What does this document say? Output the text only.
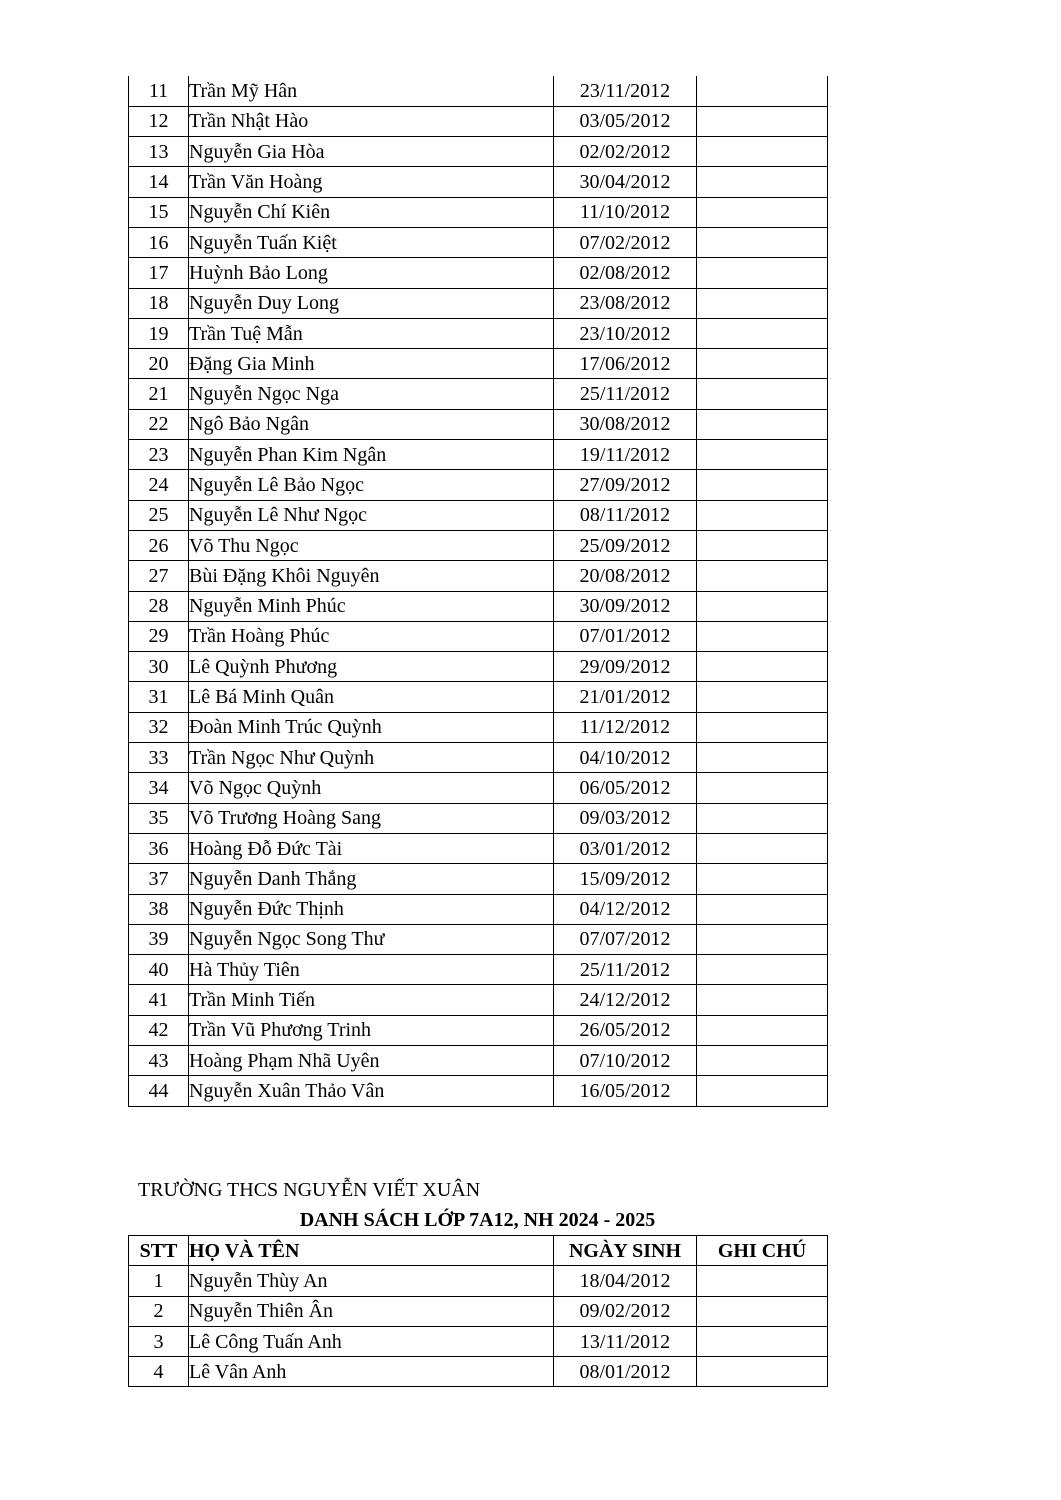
11	Trần Mỹ Hân	23/11/2012	
12	Trần Nhật Hào	03/05/2012	
13	Nguyễn Gia Hòa	02/02/2012	
14	Trần Văn Hoàng	30/04/2012	
15	Nguyễn Chí Kiên	11/10/2012	
16	Nguyễn Tuấn Kiệt	07/02/2012	
17	Huỳnh Bảo Long	02/08/2012	
18	Nguyễn Duy Long	23/08/2012	
19	Trần Tuệ Mẫn	23/10/2012	
20	Đặng Gia Minh	17/06/2012	
21	Nguyễn Ngọc Nga	25/11/2012	
22	Ngô Bảo Ngân	30/08/2012	
23	Nguyễn Phan Kim Ngân	19/11/2012	
24	Nguyễn Lê Bảo Ngọc	27/09/2012	
25	Nguyễn Lê Như Ngọc	08/11/2012	
26	Võ Thu Ngọc	25/09/2012	
27	Bùi Đặng Khôi Nguyên	20/08/2012	
28	Nguyễn Minh Phúc	30/09/2012	
29	Trần Hoàng Phúc	07/01/2012	
30	Lê Quỳnh Phương	29/09/2012	
31	Lê Bá Minh Quân	21/01/2012	
32	Đoàn Minh Trúc Quỳnh	11/12/2012	
33	Trần Ngọc Như Quỳnh	04/10/2012	
34	Võ Ngọc Quỳnh	06/05/2012	
35	Võ Trương Hoàng Sang	09/03/2012	
36	Hoàng Đỗ Đức Tài	03/01/2012	
37	Nguyễn Danh Thắng	15/09/2012	
38	Nguyễn Đức Thịnh	04/12/2012	
39	Nguyễn Ngọc Song Thư	07/07/2012	
40	Hà Thủy Tiên	25/11/2012	
41	Trần Minh Tiến	24/12/2012	
42	Trần Vũ Phương Trinh	26/05/2012	
43	Hoàng Phạm Nhã Uyên	07/10/2012	
44	Nguyễn Xuân Thảo Vân	16/05/2012	
TRƯỜNG THCS NGUYỄN VIẾT XUÂN
DANH SÁCH LỚP 7A12, NH 2024 - 2025
STT	HỌ VÀ TÊN	NGÀY SINH	GHI CHÚ
1	Nguyễn Thùy An	18/04/2012	
2	Nguyễn Thiên Ân	09/02/2012	
3	Lê Công Tuấn Anh	13/11/2012	
4	Lê Vân Anh	08/01/2012	
